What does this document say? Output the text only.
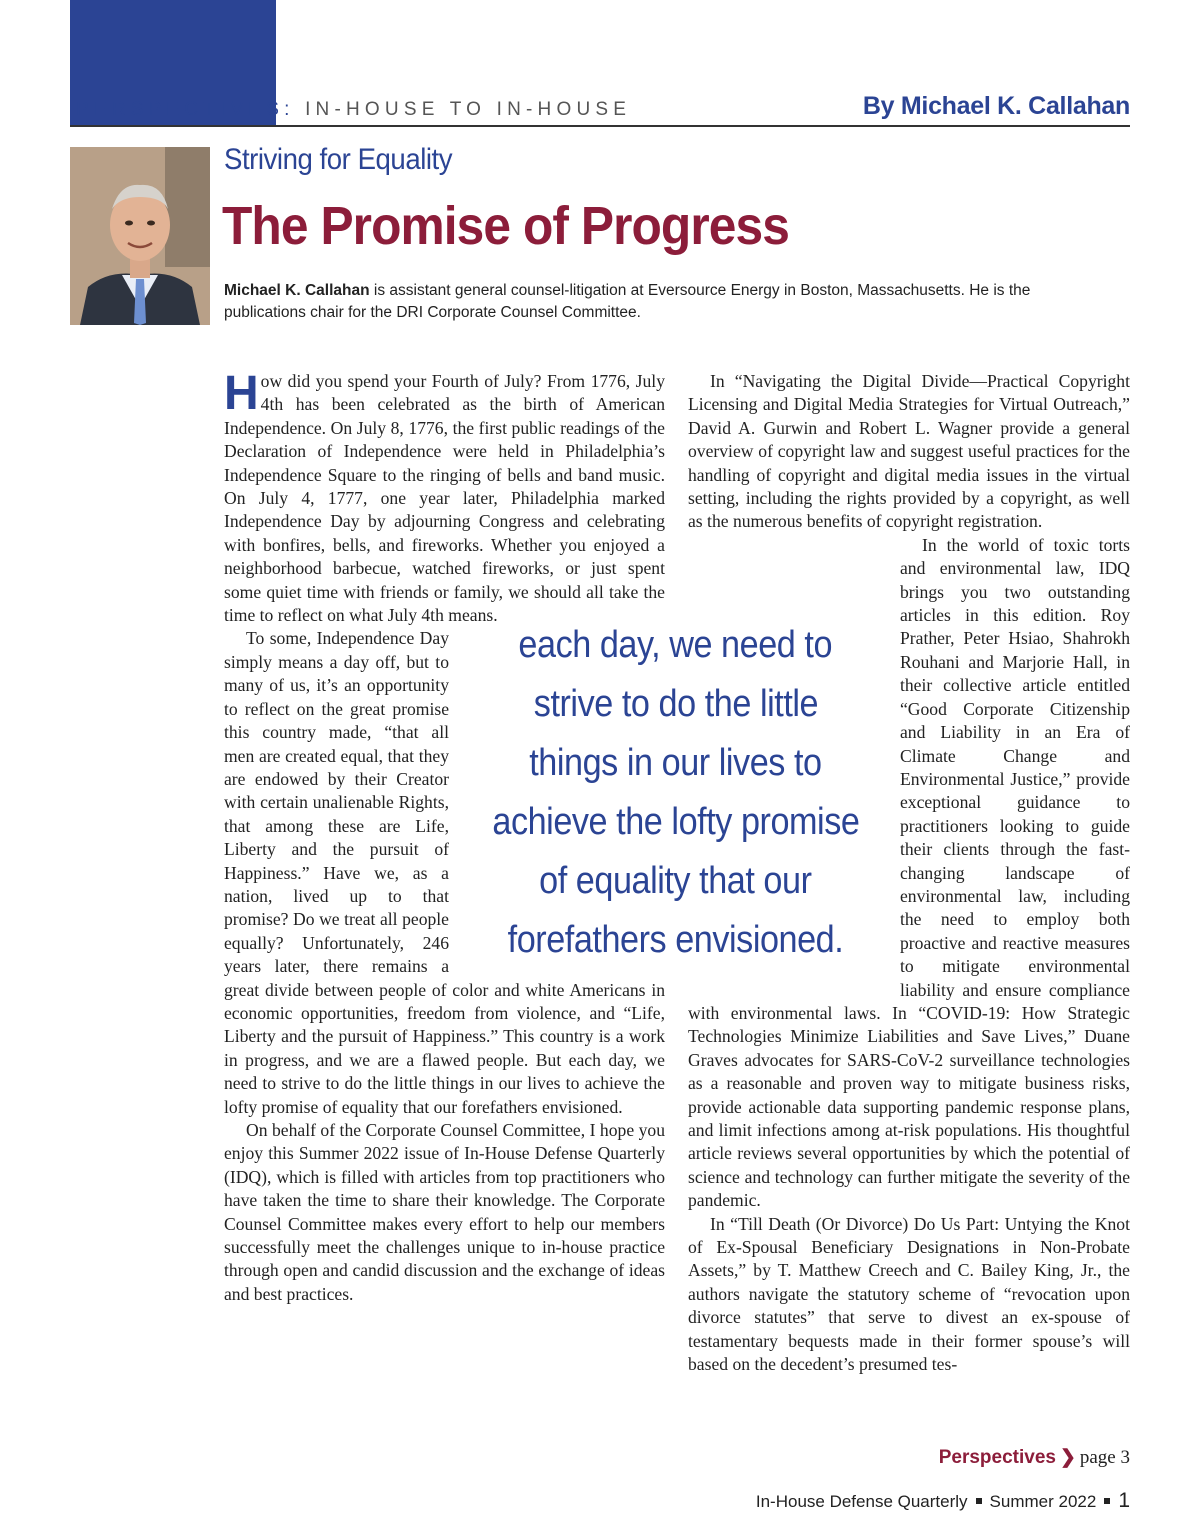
PERSPECTIVES: IN-HOUSE TO IN-HOUSE	By Michael K. Callahan
Striving for Equality
The Promise of Progress
Michael K. Callahan is assistant general counsel-litigation at Eversource Energy in Boston, Massachusetts. He is the publications chair for the DRI Corporate Counsel Committee.

How did you spend your Fourth of July? From 1776, July 4th has been celebrated as the birth of American Independence. On July 8, 1776, the first public readings of the Declaration of Independence were held in Philadelphia’s Independence Square to the ringing of bells and band music. On July 4, 1777, one year later, Philadelphia marked Independence Day by adjourning Congress and celebrating with bonfires, bells, and fireworks. Whether you enjoyed a neighborhood barbecue, watched fireworks, or just spent some quiet time with friends or family, we should all take the time to reflect on what July 4th means.

To some, Independence Day simply means a day off, but to many of us, it’s an opportunity to reflect on the great promise this country made, “that all men are created equal, that they are endowed by their Creator with certain unalienable Rights, that among these are Life, Liberty and the pursuit of Happiness.” Have we, as a nation, lived up to that promise? Do we treat all people equally? Unfortunately, 246 years later, there remains a great divide between people of color and white Americans in economic opportunities, freedom from violence, and “Life, Liberty and the pursuit of Happiness.” This country is a work in progress, and we are a flawed people. But each day, we need to strive to do the little things in our lives to achieve the lofty promise of equality that our forefathers envisioned.

On behalf of the Corporate Counsel Committee, I hope you enjoy this Summer 2022 issue of In-House Defense Quarterly (IDQ), which is filled with articles from top practitioners who have taken the time to share their knowledge. The Corporate Counsel Committee makes every effort to help our members successfully meet the challenges unique to in-house practice through open and candid discussion and the exchange of ideas and best practices.

In “Navigating the Digital Divide—Practical Copyright Licensing and Digital Media Strategies for Virtual Outreach,” David A. Gurwin and Robert L. Wagner provide a general overview of copyright law and suggest useful practices for the handling of copyright and digital media issues in the virtual setting, including the rights provided by a copyright, as well as the numerous benefits of copyright registration.

In the world of toxic torts and environmental law, IDQ brings you two outstanding articles in this edition. Roy Prather, Peter Hsiao, Shahrokh Rouhani and Marjorie Hall, in their collective article entitled “Good Corporate Citizenship and Liability in an Era of Climate Change and Environmental Justice,” provide exceptional guidance to practitioners looking to guide their clients through the fast-changing landscape of environmental law, including the need to employ both proactive and reactive measures to mitigate environmental liability and ensure compliance with environmental laws. In “COVID-19: How Strategic Technologies Minimize Liabilities and Save Lives,” Duane Graves advocates for SARS-CoV-2 surveillance technologies as a reasonable and proven way to mitigate business risks, provide actionable data supporting pandemic response plans, and limit infections among at-risk populations. His thoughtful article reviews several opportunities by which the potential of science and technology can further mitigate the severity of the pandemic.

In “Till Death (Or Divorce) Do Us Part: Untying the Knot of Ex-Spousal Beneficiary Designations in Non-Probate Assets,” by T. Matthew Creech and C. Bailey King, Jr., the authors navigate the statutory scheme of “revocation upon divorce statutes” that serve to divest an ex-spouse of testamentary bequests made in their former spouse’s will based on the decedent’s presumed tes-

each day, we need to
strive to do the little
things in our lives to
achieve the lofty promise
of equality that our
forefathers envisioned.
Perspectives ❯ page 3
In-House Defense Quarterly Summer 2022 1
